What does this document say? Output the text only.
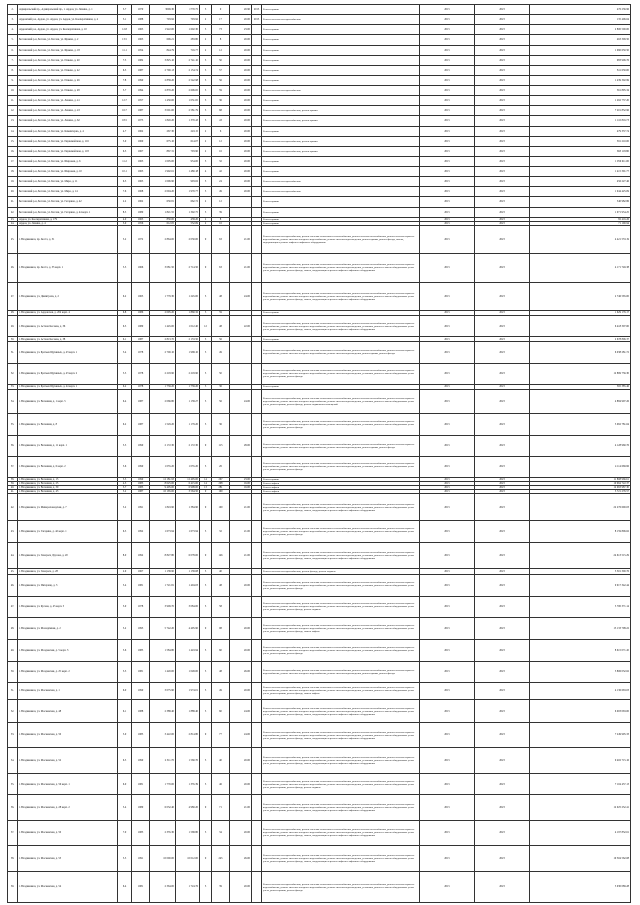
2.	Адмиральский пр., Адмиральский пр., г. Ардон, ул. Ленина, д. 1	3.7	1970	3099.30	1770.75	3	9	20.90	2015	Ремонт крыши	2015	2023	476 236.96
3.	Ардонский р-н, Ардон, ул. Ардон, ул. Ардон, ул. Кооперативная, д. 4	3.1	1988	793.92	793.92	2	17	20.00	2015	Ремонт системы электроснабжения	2015	2023	135 406.64
4.	Ардонский р-н, Ардон, ул. Ардон, ул. Кооперативная, д. 10	12.8	1965	1 922.00	1 602.30	5	73	23.00		Ремонт крыши	2015	2023	2 800 500.00
5.	Бесланский р-н, Беслан, ул. Беслан, ул. Фриева, д. 2	13.5	1963	696.21	283.80	2	8	20.00		Ремонт крыши	2015	2023	463 309.50
6.	Бесланский р-н, Беслан, ул. Беслан, ул. Фриева, д. 18	11.1	1954	844.79	716.77	2	12	20.00		Ремонт крыши	2015	2023	1 060 650.50
7.	Бесланский р-н, Беслан, ул. Беслан, ул. Плиева, д. 40	7.5	1982	3 825.10	2 741.10	5	50	20.00		Ремонт крыши	2015	2023	983 906.76
8.	Бесланский р-н, Беслан, ул. Беслан, ул. Плиева, д. 42	6.3	1987	2 790.13	2 154.74	5	57	20.00		Ремонт крыши	2015	2023	811 630.00
9.	Бесланский р-н, Беслан, ул. Беслан, ул. Плиева, д. 46	7.8	1990	2 858.20	2 542.98	5	56	20.00		Ремонт крыши	2015	2023	1 439 302.99
10.	Бесланский р-н, Беслан, ул. Беслан, ул. Плиева, д. 48	5.7	1994	2 870.20	2 606.65	5	59	20.00		Ремонт системы электроснабжения	2015	2023	361 895.34
11.	Бесланский р-н, Беслан, ул. Беслан, ул. Ленина, д. 41	12.7	1957	1 430.00	1 031.65	3	36	20.00		Ремонт крыши	2015	2023	1 262 737.20
12.	Бесланский р-н, Беслан, ул. Беслан, ул. Ленина, д. 43	16.7	1987	3 001.00	2 581.79	5	68	20.00		Ремонт системы электроснабжения, ремонт крыши	2015	2023	7 201 832.96
13.	Бесланский р-н, Беслан, ул. Беслан, ул. Ленина, д. 62	18.5	1975	1 820.20	1 370.43	5	43	20.00		Ремонт системы электроснабжения, ремонт крыши	2015	2023	1 110 816.73
14.	Бесланский р-н, Беслан, ул. Беслан, ул. Коминтерна, д. 4	4.7	1962	267.30	243.15	2	6	20.00		Ремонт крыши	2015	2023	479 337.74
15.	Бесланский р-н, Беслан, ул. Беслан, ул. Первомайская, д. 116	5.0	1960	675.10	614.07	2	12	20.00		Ремонт системы электроснабжения, ремонт крыши	2015	2023	391 210.00
16.	Бесланский р-н, Беслан, ул. Беслан, ул. Первомайская, д. 118	6.3	1967	867.31	793.90	2	16	20.00		Ремонт системы электроснабжения, ремонт крыши	2015	2023	693 118.80
17.	Бесланский р-н, Беслан, ул. Беслан, ул. Широкая, д. 6	11.2	1963	1 005.00	954.00	3	32	20.00		Ремонт крыши	2015	2023	1 056 611.00
18.	Бесланский р-н, Беслан, ул. Беслан, ул. Широкая, д. 10	10.1	1963	1 992.61	1 480.18	4	42	20.00		Ремонт крыши	2015	2023	1 415 391.77
19.	Бесланский р-н, Беслан, ул. Беслан, ул. Мира, д. 11	6.3	1965	1 096.90	993.02	3	24	20.00		Ремонт системы электроснабжения	2015	2023	456 227.46
20.	Бесланский р-н, Беслан, ул. Беслан, ул. Мира, д. 14	7.6	1968	2 094.20	1 970.77	5	49	20.00		Ремонт системы электроснабжения	2015	2023	1 044 425.09
21.	Бесланский р-н, Беслан, ул. Беслан, ул. Гагарина, д. 42	2.2	1962	630.81	662.72	2	12			Ремонт крыши	2015	2023	540 982.86
22.	Бесланский р-н, Беслан, ул. Беслан, ул. Гагарина, д. 44 корп. 1	8.5	1989	1 821.55	1 392.75	5	39			Ремонт крыши	2015	2023	1 071 954.25
23.	Ардон, ул. Кооперативная, д. 179	4.0	1963	830.00	458.20	2	8			Ремонт крыши	2015	2023	82 416.26
24.	Ардон, ул. Ленина, д. 4	3.0	1956	612.05	552.69	2	16			Ремонт крыши	2015	2023	71 190.94
25.	г. Владикавказ, пр. Коста, д. 31	5.2	1972	2 864.00	2 030.00	9	63	21.00		Ремонт системы электроснабжения, ремонт системы отопления и теплоснабжения, ремонт системы газоснабжения, ремонт системы горячего водоснабжения, ремонт системы холодного водоснабжения, ремонт системы водоотведения, ремонт крыши, ремонт фасада, замена, модернизация и ремонт лифтов и лифтового оборудования	2015	2023	4 421 553.19
26.	г. Владикавказ, пр. Коста, д. 33 корп. 1	5.5	1966	3 081.50	2 714.50	9	63	21.00		Ремонт системы электроснабжения, ремонт системы отопления и теплоснабжения, ремонт системы газоснабжения, ремонт системы горячего водоснабжения, ремонт системы холодного водоснабжения, ремонт системы водоотведения, установка, ремонт и замена общедомовых узлов учета, ремонт крыши, ремонт фасада, замена, модернизация и ремонт лифтов и лифтового оборудования	2015	2023	4 171 749.38
27.	г. Владикавказ, ул. Димитрова, д. 2	6.2	1965	1 779.30	1 245.00	5	48	24.00		Ремонт системы электроснабжения, ремонт системы отопления и теплоснабжения, ремонт системы газоснабжения, ремонт системы горячего водоснабжения, ремонт системы холодного водоснабжения, ремонт системы водоотведения, установка, ремонт и замена общедомовых узлов учета, ремонт крыши, ремонт фасада, замена, модернизация и ремонт лифтов и лифтового оборудования	2015	2023	2 746 565.00
28.	г. Владикавказ, ул. Ардонская, д. 204 корп. 4	6.8	1986	2 095.20	1 860.32	5	59			Ремонт крыши	2015	2023	1 629 176.17
29.	г. Владикавказ, ул. Астана Кесаева, д. 36	6.5	1989	1 445.00	1 012.40	12	48	22.00		Ремонт системы электроснабжения, ремонт системы отопления и теплоснабжения, ремонт системы газоснабжения, ремонт системы горячего водоснабжения, ремонт системы холодного водоснабжения, ремонт системы водоотведения, установка, ремонт и замена общедомовых узлов учета, ремонт крыши, ремонт фасада, замена, модернизация и ремонт лифтов и лифтового оборудования	2015	2023	6 418 307.60
30.	г. Владикавказ, ул. Астана Кесаева, д. 38	6.1	1987	2 813.70	2 153.50	5	56			Ремонт крыши	2015	2023	2 678 806.37
31.	г. Владикавказ, ул. Братьев Щукиных, д. 43 корп. 1	3.4	1978	2 700.10	1 968.10	5	49			Ремонт системы электроснабжения, ремонт системы отопления и теплоснабжения, ремонт системы газоснабжения, ремонт системы горячего водоснабжения, ремонт системы холодного водоснабжения, ремонт системы водоотведения, ремонт крыши, ремонт фасада	2015	2023	6 038 281.72
32.	г. Владикавказ, ул. Братьев Щукиных, д. 43 корп. 2	5.5	1978	2 218.90	2 218.90	5	50			Ремонт системы электроснабжения, ремонт системы отопления и теплоснабжения, ремонт системы газоснабжения, ремонт системы горячего водоснабжения, ремонт системы холодного водоснабжения, ремонт системы водоотведения, установка, ремонт и замена общедомовых узлов учета, ремонт крыши, ремонт фасада	2015	2023	12 869 756.30
33.	г. Владикавказ, ул. Братьев Щукиных, д. 44 корп. 1	6.2	1978	1 739.20	1 739.20	5	36			Ремонт крыши	2015	2023	365 385.46
34.	г. Владикавказ, ул. Весенняя, д. 1 корп. 5	6.4	1987	2 066.80	1 158.27	5	56	24.00		Ремонт системы электроснабжения, ремонт системы отопления и теплоснабжения, ремонт системы газоснабжения, ремонт системы горячего водоснабжения, ремонт системы холодного водоснабжения, ремонт системы водоотведения, установка, ремонт и замена общедомовых узлов учета, ремонт крыши, ремонт фасада, ремонт подвальных помещений	2015	2023	4 884 997.26
35.	г. Владикавказ, ул. Весенняя, д. 8	6.2	1987	1 529.20	1 179.20	5	36			Ремонт системы электроснабжения, ремонт системы отопления и теплоснабжения, ремонт системы газоснабжения, ремонт системы горячего водоснабжения, ремонт системы холодного водоснабжения, ремонт системы водоотведения, установка, ремонт и замена общедомовых узлов учета, ремонт крыши, ремонт фасада	2015	2023	5 062 781.64
36.	г. Владикавказ, ул. Весенняя, д. 11 корп. 1	5.5	1990	2 172.30	2 172.30	9	115	28.00		Ремонт системы электроснабжения, ремонт системы отопления и теплоснабжения, ремонт системы газоснабжения, ремонт системы горячего водоснабжения, ремонт системы холодного водоснабжения, ремонт системы водоотведения, ремонт крыши, ремонт фасада	2015	2023	4 128 960.76
37.	г. Владикавказ, ул. Весенняя, д. 6 корп. 2	5.6	1990	1 055.20	1 055.20	5	26			Ремонт системы электроснабжения, ремонт системы отопления и теплоснабжения, ремонт системы газоснабжения, ремонт системы горячего водоснабжения, ремонт системы холодного водоснабжения, ремонт системы водоотведения, установка, ремонт и замена общедомовых узлов учета, ремонт крыши, ремонт фасада	2015	2023	4 114 669.96
38.	г. Владикавказ, ул. Весенняя, д. 15	5.5	1990	12 181.93	12 495.00	14	267	23.00		Ремонт крыши	2015	2023	11 808 966.61
39.	г. Владикавказ, ул. Весенняя, д. 25	4.3	1983	8 025.00	6 415.00	14	298	16.00		Ремонт лифтов	2015	2023	10 964 722.37
40.	г. Владикавказ, ул. Весенняя, д. 39	5.7	1983	9 405.00	6 998.00	13	281	16.00		Ремонт лифтов	2015	2023	12 063 987.30
41.	г. Владикавказ, ул. Весенняя, д. 43	5.2	1987	10 165.00	3 564.50	9	190			Ремонт лифтов	2015	2023	3 721 276.57
42.	г. Владикавказ, ул. Минераловодская, д. 7	5.2	1991	1 843.90	1 384.90	9	100	21.00		Ремонт системы электроснабжения, ремонт системы отопления и теплоснабжения, ремонт системы газоснабжения, ремонт системы горячего водоснабжения, ремонт системы холодного водоснабжения, ремонт системы водоотведения, установка, ремонт и замена общедомовых узлов учета, ремонт крыши, ремонт фасада, замена, модернизация и ремонт лифтов и лифтового оборудования	2015	2023	22 276 690.03
43.	г. Владикавказ, ул. Гагарина, д. 42 корп. 1	6.5	1992	1 673.94	1 673.94	5	32	21.00		Ремонт системы электроснабжения, ремонт системы отопления и теплоснабжения, ремонт системы газоснабжения, ремонт системы горячего водоснабжения, ремонт системы холодного водоснабжения, ремонт системы водоотведения, установка, ремонт и замена общедомовых узлов учета, ремонт крыши, ремонт фасада	2015	2023	8 159 806.62
44.	г. Владикавказ, ул. Генерала Дзусова, д. 20	8.0	1992	8 827.80	6 078.00	9	146	21.00		Ремонт системы электроснабжения, ремонт системы отопления и теплоснабжения, ремонт системы газоснабжения, ремонт системы горячего водоснабжения, ремонт системы холодного водоснабжения, ремонт системы водоотведения, установка, ремонт и замена общедомовых узлов учета, ремонт крыши, ремонт фасада, замена, модернизация и ремонт лифтов и лифтового оборудования	2015	2023	24 613 515.29
45.	г. Владикавказ, ул. Генерала, д. 28	2.9	1967	1 138.90	1 158.08	5	40			Ремонт системы электроснабжения, ремонт фасада, ремонт подвала	2015	2023	3 301 300.76
46.	г. Владикавказ, ул. Интернац, д. 3	5.4	1981	1 721.81	1 404.03	5	48	20.00		Ремонт системы электроснабжения, ремонт системы отопления и теплоснабжения, ремонт системы газоснабжения, ремонт системы горячего водоснабжения, ремонт системы холодного водоснабжения, ремонт системы водоотведения, установка, ремонт и замена общедомовых узлов учета, ремонт крыши, ремонт фасада	2015	2023	9 917 342.44
47.	г. Владикавказ, ул. Кусова, д. 45 корп. 5	3.0	1978	3 909.70	3 084.00	5	58			Ремонт системы электроснабжения, ремонт системы отопления и теплоснабжения, ремонт системы газоснабжения, ремонт системы горячего водоснабжения, ремонт системы холодного водоснабжения, ремонт системы водоотведения, установка, ремонт и замена общедомовых узлов учета, ремонт крыши, ремонт фасада, ремонт подвала	2015	2023	5 700 371.14
48.	г. Владикавказ, ул. Молодёжная, д. 2	5.2	1993	5 742.20	4 495.90	9	98	20.00		Ремонт системы электроснабжения, ремонт системы отопления и теплоснабжения, ремонт системы газоснабжения, ремонт системы горячего водоснабжения, ремонт системы холодного водоснабжения, ремонт системы водоотведения, установка, ремонт и замена общедомовых узлов учета, ремонт крыши, ремонт фасада, замена лифтов	2015	2023	15 133 798.22
49.	г. Владикавказ, ул. Моздокская, д. 5 корп. 3	5.6	1985	1 584.80	1 443.94	5	60	20.00		Ремонт системы электроснабжения, ремонт системы отопления и теплоснабжения, ремонт системы газоснабжения, ремонт системы горячего водоснабжения, ремонт системы холодного водоснабжения, ремонт системы водоотведения, установка, ремонт и замена общедомовых узлов учета, ремонт крыши, ремонт фасада	2015	2023	8 615 071.45
50.	г. Владикавказ, ул. Моздокская, д. 25 корп. 2	3.3	1981	1 420.00	1 048.00	5	48	26.00		Ремонт системы электроснабжения, ремонт системы отопления и теплоснабжения, ремонт системы газоснабжения, ремонт системы горячего водоснабжения, ремонт системы холодного водоснабжения, ремонт системы водоотведения, ремонт крыши, ремонт фасада	2015	2023	3 806 032.62
51.	г. Владикавказ, ул. Московская, д. 1	6.0	1990	3 075.90	1 974.01	5	49	20.00		Ремонт системы электроснабжения, ремонт системы отопления и теплоснабжения, ремонт системы газоснабжения, ремонт системы горячего водоснабжения, ремонт системы холодного водоснабжения, ремонт системы водоотведения, установка, ремонт и замена общедомовых узлов учета, ремонт крыши, ремонт фасада, замена лифтов	2015	2023	4 136 663.03
52.	г. Владикавказ, ул. Московская, д. 48	6.1	1988	2 388.40	1 888.40	5	60	24.00		Ремонт системы электроснабжения, ремонт системы отопления и теплоснабжения, ремонт системы газоснабжения, ремонт системы горячего водоснабжения, ремонт системы холодного водоснабжения, ремонт системы водоотведения, установка, ремонт и замена общедомовых узлов учета, ремонт крыши, ремонт фасада, замена, модернизация и ремонт лифтов и лифтового оборудования	2015	2023	6 003 063.00
53.	г. Владикавказ, ул. Московская, д. 50	5.0	1985	3 422.00	2 814.80	9	77	24.00		Ремонт системы электроснабжения, ремонт системы отопления и теплоснабжения, ремонт системы газоснабжения, ремонт системы горячего водоснабжения, ремонт системы холодного водоснабжения, ремонт системы водоотведения, установка, ремонт и замена общедомовых узлов учета, ремонт крыши, ремонт фасада, замена, модернизация и ремонт лифтов и лифтового оборудования	2015	2023	7 249 995.33
54.	г. Владикавказ, ул. Московская, д. 52	6.5	1990	2 311.70	1 560.70	5	40	20.00		Ремонт системы электроснабжения, ремонт системы отопления и теплоснабжения, ремонт системы газоснабжения, ремонт системы горячего водоснабжения, ремонт системы холодного водоснабжения, ремонт системы водоотведения, установка, ремонт и замена общедомовых узлов учета, ремонт крыши, ремонт фасада, замена, модернизация и ремонт лифтов и лифтового оборудования	2015	2023	9 402 715.16
55.	г. Владикавказ, ул. Московская, д. 56 корп. 1	6.0	1981	1 770.00	1 335.39	5	46	20.00		Ремонт системы электроснабжения, ремонт системы отопления и теплоснабжения, ремонт системы газоснабжения, ремонт системы горячего водоснабжения, ремонт системы холодного водоснабжения, ремонт системы водоотведения, установка, ремонт и замена общедомовых узлов учета, ремонт крыши, ремонт фасада, ремонт подвала	2015	2023	7 104 457.13
56.	г. Владикавказ, ул. Московская, д. 28 корп. 2	5.4	1989	6 032.40	4 980.20	9	71	21.00		Ремонт системы электроснабжения, ремонт системы отопления и теплоснабжения, ремонт системы газоснабжения, ремонт системы горячего водоснабжения, ремонт системы холодного водоснабжения, ремонт системы водоотведения, установка, ремонт и замена общедомовых узлов учета, ремонт крыши, ремонт фасада, замена, модернизация и ремонт лифтов и лифтового оборудования	2015	2023	12 025 252.41
57.	г. Владикавказ, ул. Московская, д. 50	7.0	1983	2 335.30	1 568.80	5	34	20.00		Ремонт системы электроснабжения, ремонт системы отопления и теплоснабжения, ремонт системы газоснабжения, ремонт системы горячего водоснабжения, ремонт системы холодного водоснабжения, ремонт системы водоотведения, установка, ремонт и замена общедомовых узлов учета, ремонт крыши, ремонт фасада, замена, модернизация и ремонт лифтов и лифтового оборудования	2015	2023	4 197 832.61
58.	г. Владикавказ, ул. Московская, д. 53	5.5	1991	10 090.00	10 012.00	9	245	26.00		Ремонт системы электроснабжения, ремонт системы отопления и теплоснабжения, ремонт системы газоснабжения, ремонт системы горячего водоснабжения, ремонт системы холодного водоснабжения, ремонт системы водоотведения, установка, ремонт и замена общедомовых узлов учета, ремонт крыши, ремонт фасада, замена, модернизация и ремонт лифтов и лифтового оборудования	2015	2023	19 304 562.08
59.	г. Владикавказ, ул. Московская, д. 54	6.4	1981	2 364.00	1 724.76	5	39	20.00		Ремонт системы электроснабжения, ремонт системы отопления и теплоснабжения, ремонт системы газоснабжения, ремонт системы горячего водоснабжения, ремонт системы холодного водоснабжения, ремонт системы водоотведения, установка, ремонт и замена общедомовых узлов учета, ремонт крыши, ремонт фасада	2015	2023	5 930 089.28
